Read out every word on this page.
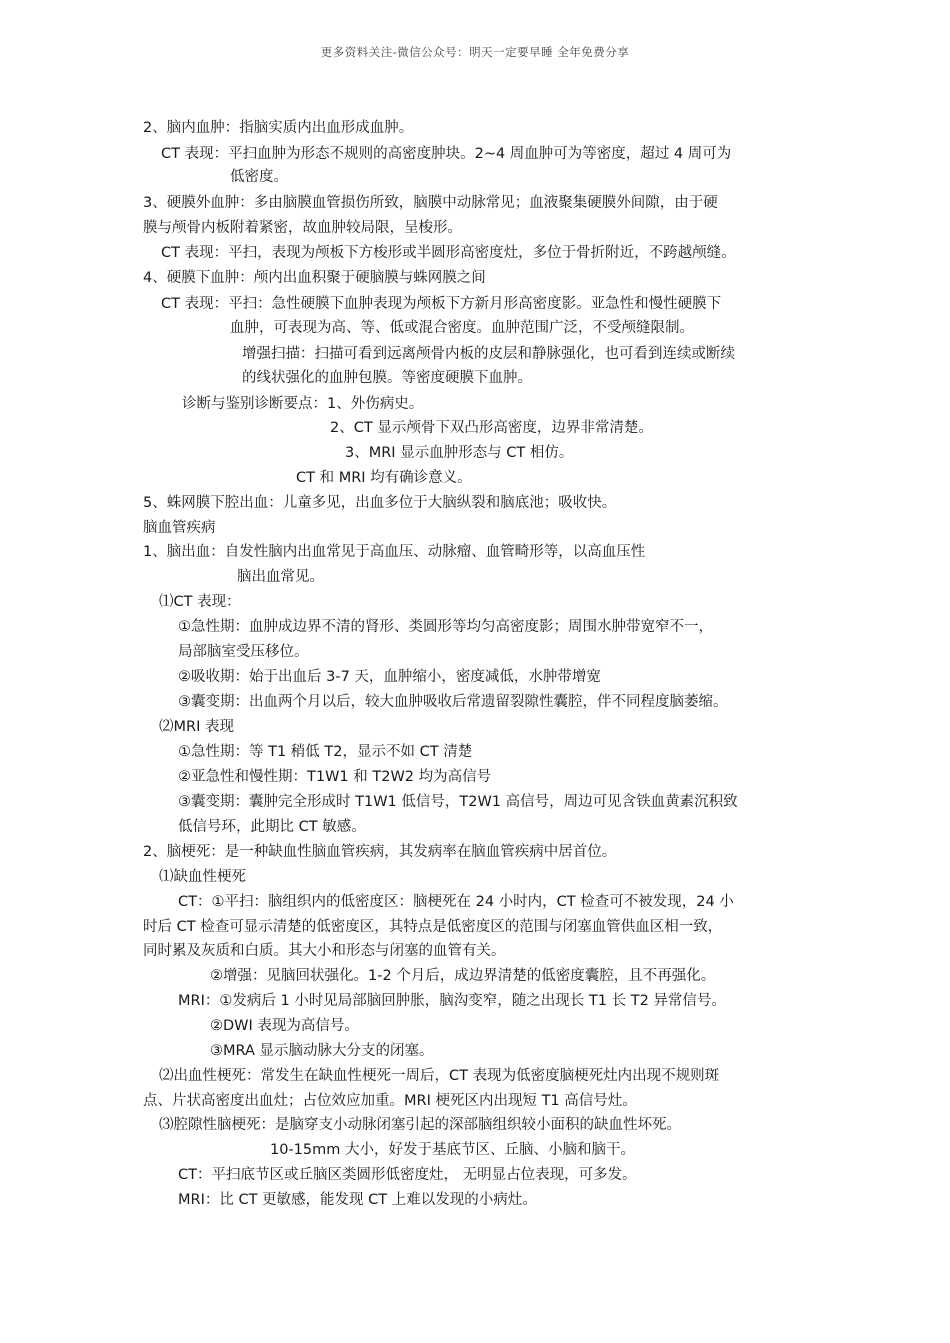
更多资料关注-微信公众号：明天一定要早睡 全年免费分享
2、脑内血肿：指脑实质内出血形成血肿。
CT 表现：平扫血肿为形态不规则的高密度肿块。2~4 周血肿可为等密度，超过 4 周可为
低密度。
3、硬膜外血肿：多由脑膜血管损伤所致，脑膜中动脉常见；血液聚集硬膜外间隙，由于硬
膜与颅骨内板附着紧密，故血肿较局限，呈梭形。
CT 表现：平扫，表现为颅板下方梭形或半圆形高密度灶，多位于骨折附近，不跨越颅缝。
4、硬膜下血肿：颅内出血积聚于硬脑膜与蛛网膜之间
CT 表现：平扫：急性硬膜下血肿表现为颅板下方新月形高密度影。亚急性和慢性硬膜下
血肿，可表现为高、等、低或混合密度。血肿范围广泛，不受颅缝限制。
增强扫描：扫描可看到远离颅骨内板的皮层和静脉强化，也可看到连续或断续
的线状强化的血肿包膜。等密度硬膜下血肿。
诊断与鉴别诊断要点：1、外伤病史。
2、CT 显示颅骨下双凸形高密度，边界非常清楚。
3、MRI 显示血肿形态与 CT 相仿。
CT 和 MRI 均有确诊意义。
5、蛛网膜下腔出血：儿童多见，出血多位于大脑纵裂和脑底池；吸收快。
脑血管疾病
1、脑出血：自发性脑内出血常见于高血压、动脉瘤、血管畸形等，以高血压性
脑出血常见。
⑴CT 表现：
①急性期：血肿成边界不清的肾形、类圆形等均匀高密度影；周围水肿带宽窄不一，
局部脑室受压移位。
②吸收期：始于出血后 3-7 天，血肿缩小，密度减低，水肿带增宽
③囊变期：出血两个月以后，较大血肿吸收后常遗留裂隙性囊腔，伴不同程度脑萎缩。
⑵MRI 表现
①急性期：等 T1 稍低 T2，显示不如 CT 清楚
②亚急性和慢性期：T1W1 和 T2W2 均为高信号
③囊变期：囊肿完全形成时 T1W1 低信号，T2W1 高信号，周边可见含铁血黄素沉积致
低信号环，此期比 CT 敏感。
2、脑梗死：是一种缺血性脑血管疾病，其发病率在脑血管疾病中居首位。
⑴缺血性梗死
CT：①平扫：脑组织内的低密度区：脑梗死在 24 小时内，CT 检查可不被发现，24 小
时后 CT 检查可显示清楚的低密度区，其特点是低密度区的范围与闭塞血管供血区相一致，
同时累及灰质和白质。其大小和形态与闭塞的血管有关。
②增强：见脑回状强化。1-2 个月后，成边界清楚的低密度囊腔，且不再强化。
MRI：①发病后 1 小时见局部脑回肿胀，脑沟变窄，随之出现长 T1 长 T2 异常信号。
②DWI 表现为高信号。
③MRA 显示脑动脉大分支的闭塞。
⑵出血性梗死：常发生在缺血性梗死一周后，CT 表现为低密度脑梗死灶内出现不规则斑
点、片状高密度出血灶；占位效应加重。MRI 梗死区内出现短 T1 高信号灶。
⑶腔隙性脑梗死：是脑穿支小动脉闭塞引起的深部脑组织较小面积的缺血性坏死。
10-15mm 大小，好发于基底节区、丘脑、小脑和脑干。
CT：平扫底节区或丘脑区类圆形低密度灶， 无明显占位表现，可多发。
MRI：比 CT 更敏感，能发现 CT 上难以发现的小病灶。
